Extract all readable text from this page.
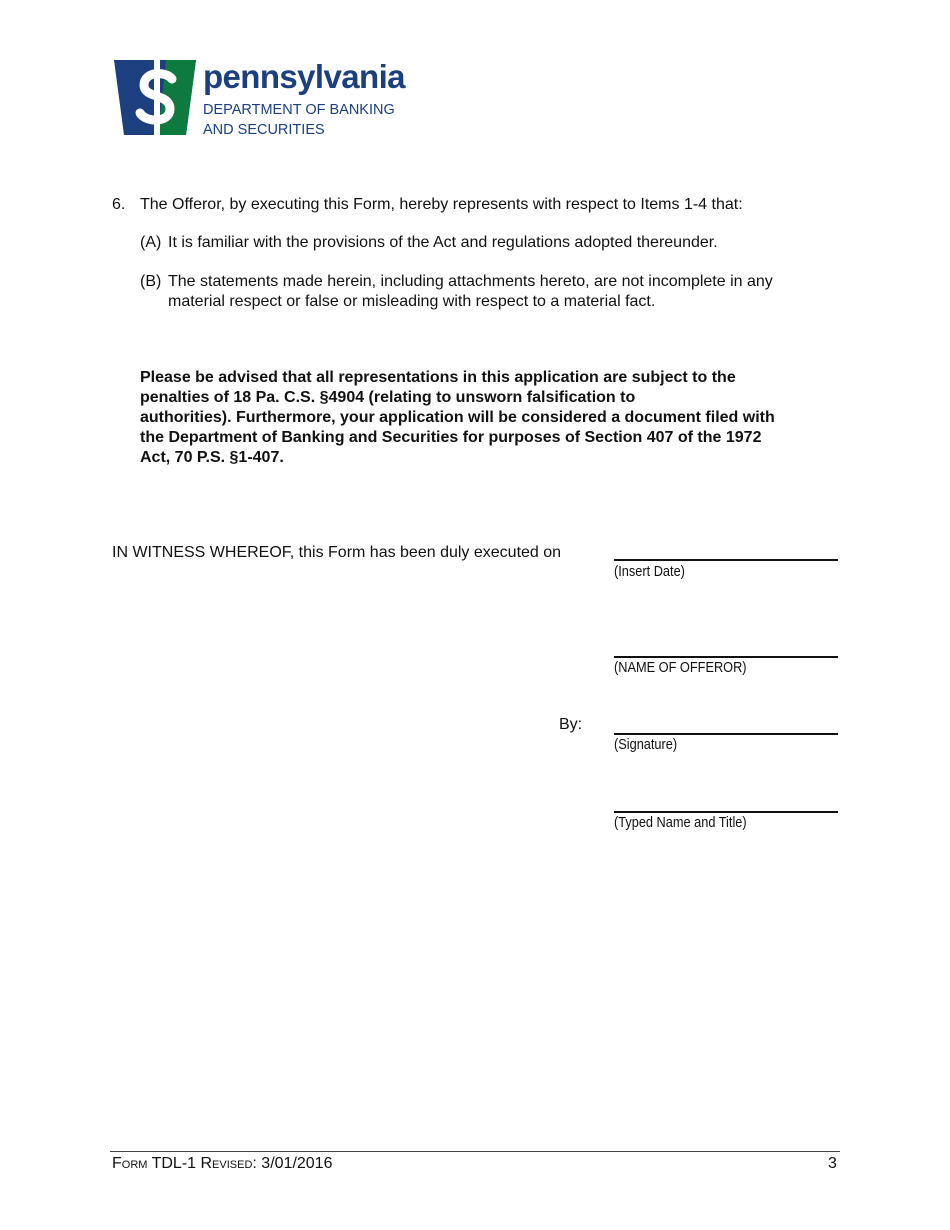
pennsylvania
DEPARTMENT OF BANKING
AND SECURITIES
6. The Offeror, by executing this Form, hereby represents with respect to Items 1-4 that:
(A) It is familiar with the provisions of the Act and regulations adopted thereunder.
(B) The statements made herein, including attachments hereto, are not incomplete in any material respect or false or misleading with respect to a material fact.
Please be advised that all representations in this application are subject to the
penalties of 18 Pa. C.S. §4904 (relating to unsworn falsification to
authorities). Furthermore, your application will be considered a document filed with
the Department of Banking and Securities for purposes of Section 407 of the 1972
Act, 70 P.S. §1-407.
IN WITNESS WHEREOF, this Form has been duly executed on
(Insert Date)
(NAME OF OFFEROR)
By:
(Signature)
(Typed Name and Title)
Form TDL-1 Revised: 3/01/2016	3
